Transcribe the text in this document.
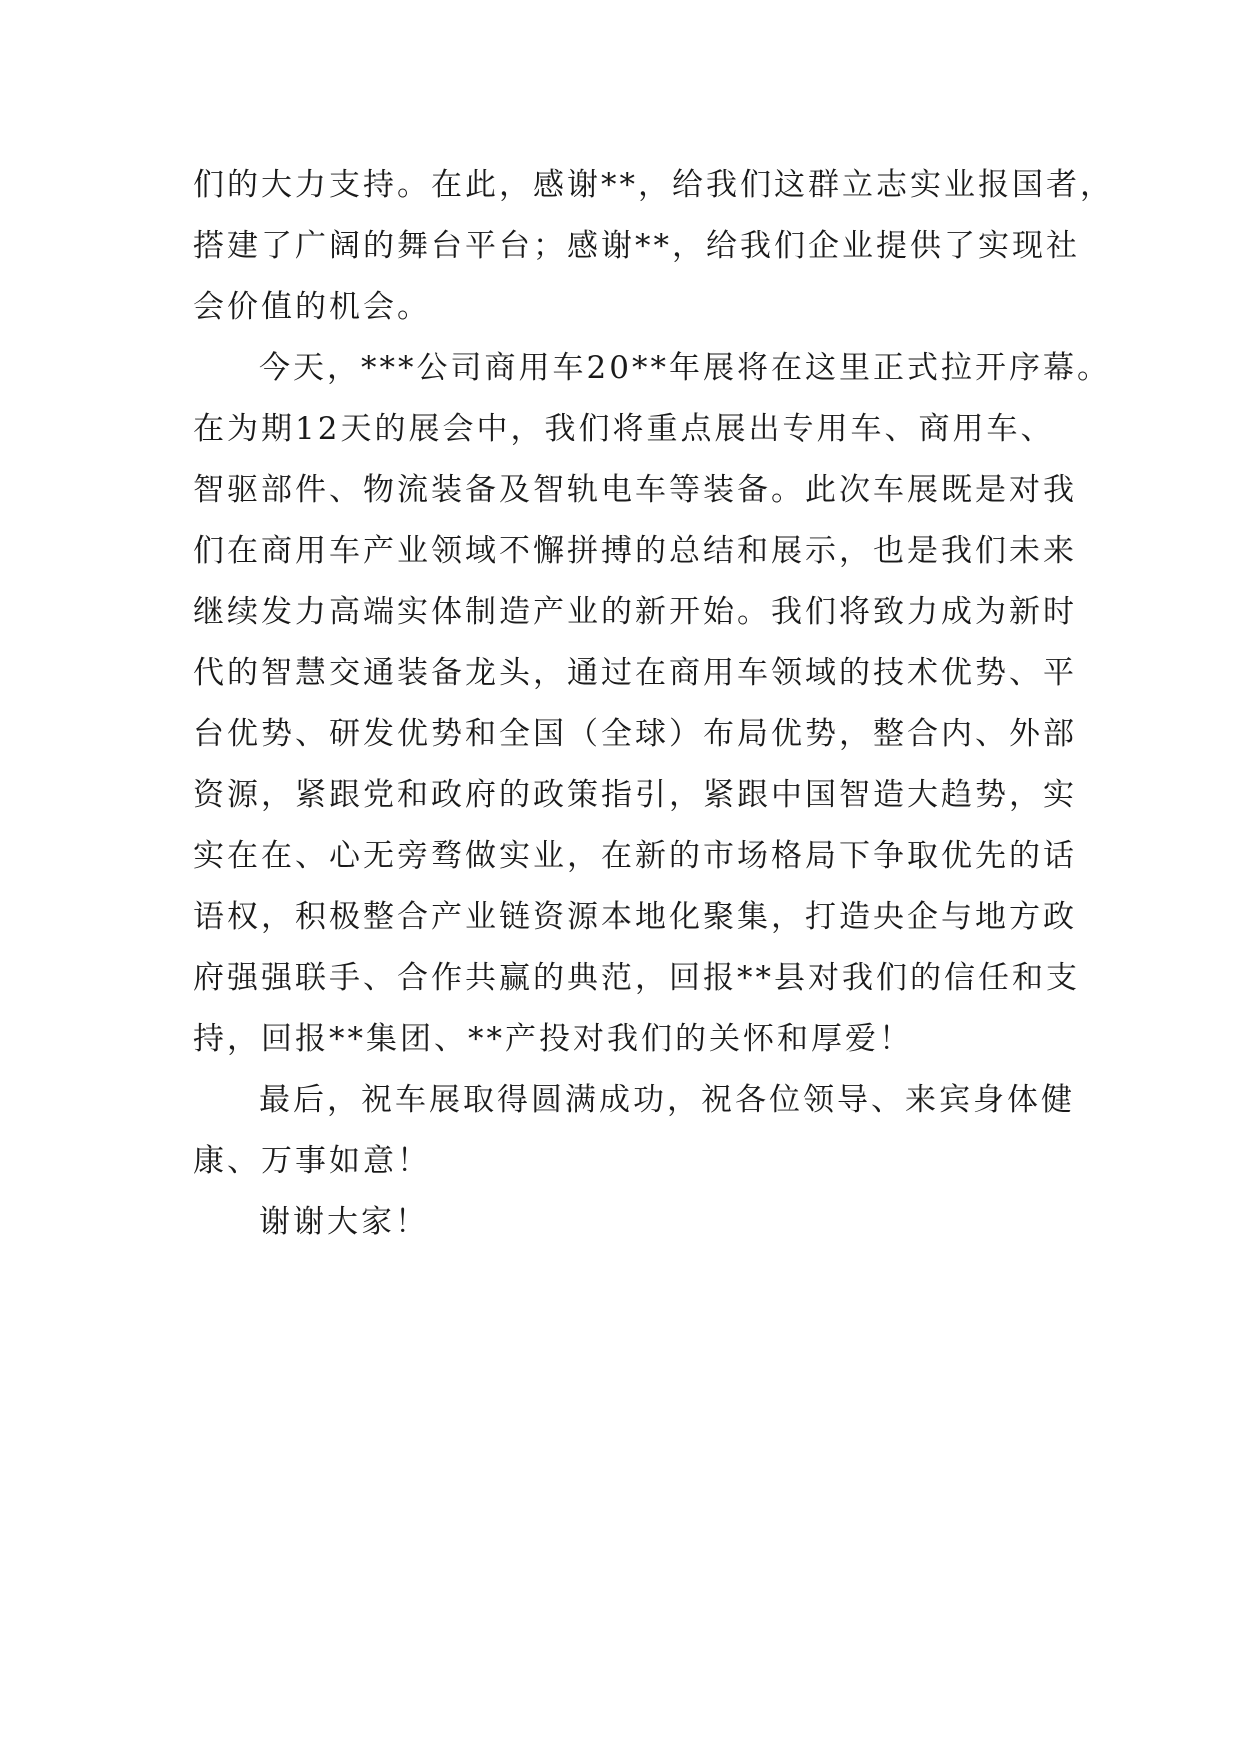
们的大力支持。在此，感谢**，给我们这群立志实业报国者，
搭建了广阔的舞台平台；感谢**，给我们企业提供了实现社
会价值的机会。
今天，***公司商用车20**年展将在这里正式拉开序幕。
在为期12天的展会中，我们将重点展出专用车、商用车、
智驱部件、物流装备及智轨电车等装备。此次车展既是对我
们在商用车产业领域不懈拼搏的总结和展示，也是我们未来
继续发力高端实体制造产业的新开始。我们将致力成为新时
代的智慧交通装备龙头，通过在商用车领域的技术优势、平
台优势、研发优势和全国（全球）布局优势，整合内、外部
资源，紧跟党和政府的政策指引，紧跟中国智造大趋势，实
实在在、心无旁骛做实业，在新的市场格局下争取优先的话
语权，积极整合产业链资源本地化聚集，打造央企与地方政
府强强联手、合作共赢的典范，回报**县对我们的信任和支
持，回报**集团、**产投对我们的关怀和厚爱！
最后，祝车展取得圆满成功，祝各位领导、来宾身体健
康、万事如意！
谢谢大家！
